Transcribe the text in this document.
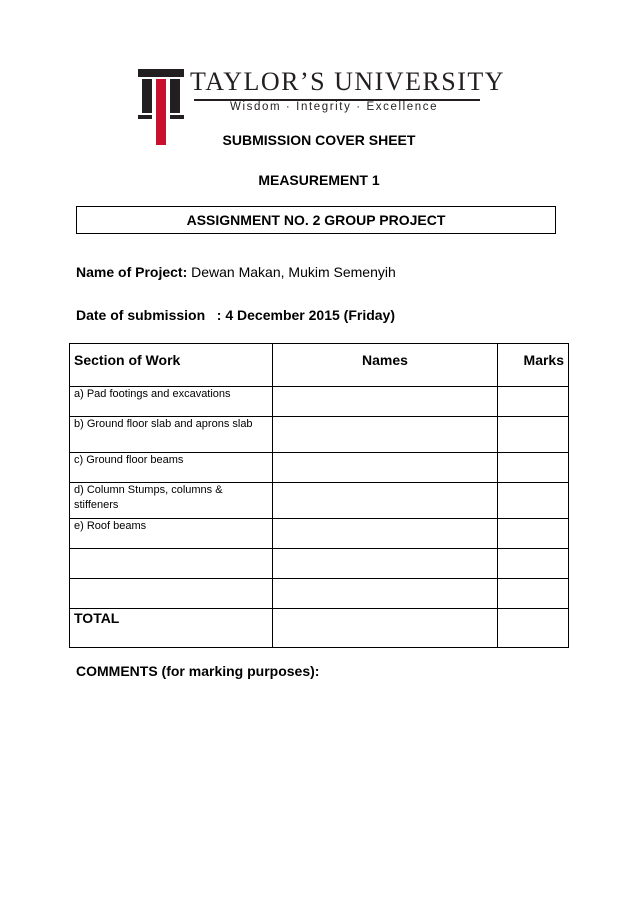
TAYLOR’S UNIVERSITY
Wisdom · Integrity · Excellence
SUBMISSION COVER SHEET
MEASUREMENT 1
ASSIGNMENT NO. 2 GROUP PROJECT
Name of Project: Dewan Makan, Mukim Semenyih
Date of submission   : 4 December 2015 (Friday)
Section of Work	Names	Marks
a) Pad footings and excavations		
b) Ground floor slab and aprons slab		
c) Ground floor beams		
d) Column Stumps, columns & stiffeners		
e) Roof beams		

TOTAL		
COMMENTS (for marking purposes):
